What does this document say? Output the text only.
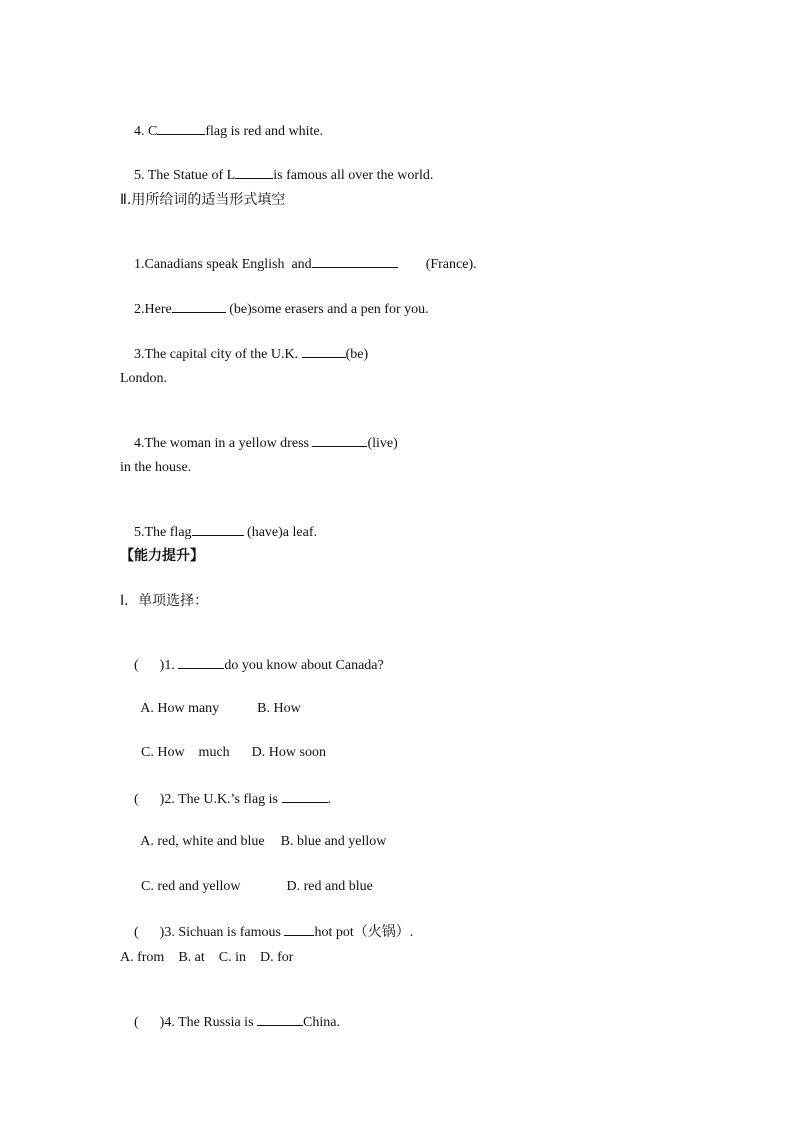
4. C	flag is red and white.

5. The Statue of L	is famous all over the world.

Ⅱ.用所给词的适当形式填空

1.Canadians speak English  and	(France).

2.Here	(be)some erasers and a pen for you.

3.The capital city of the U.K.	(be)

London.

4.The woman in a yellow dress	(live)

in the house.

5.The flag	(have)a leaf.

【能力提升】
Ⅰ．单项选择：

(      )1.	do you know about Canada?

A. How many	B. How

C. How    much D. How soon

(      )2. The U.K.’s flag is	.

A. red, white and blue B. blue and yellow

C. red and yellow	D. red and blue

(      )3. Sichuan is famous hot pot（火锅）.

A. from    B. at    C. in    D. for

(      )4. The Russia is	China.
